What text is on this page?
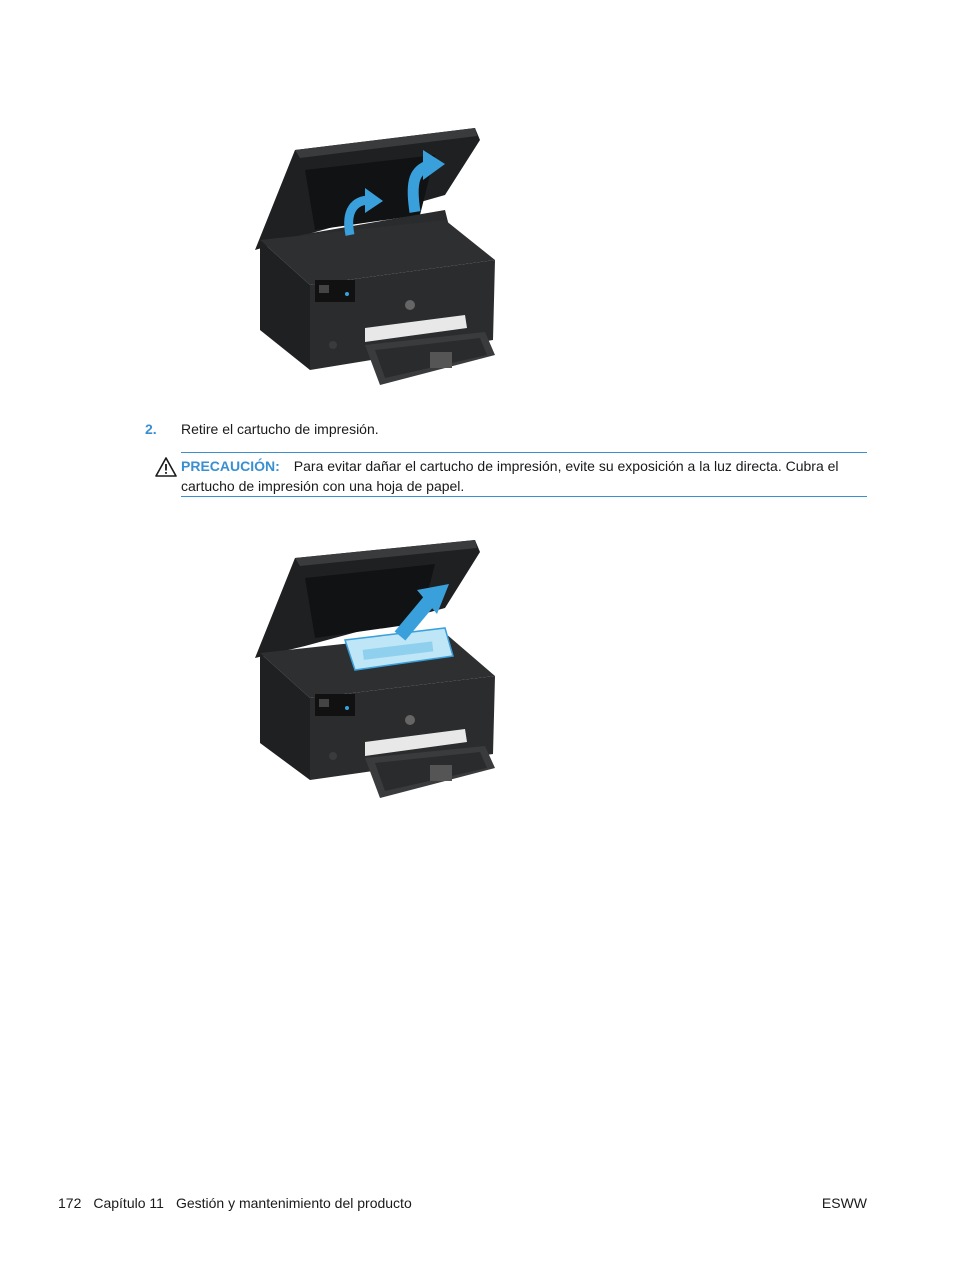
2. Retire el cartucho de impresión.
PRECAUCIÓN: Para evitar dañar el cartucho de impresión, evite su exposición a la luz directa. Cubra el cartucho de impresión con una hoja de papel.
172 Capítulo 11 Gestión y mantenimiento del producto	ESWW
